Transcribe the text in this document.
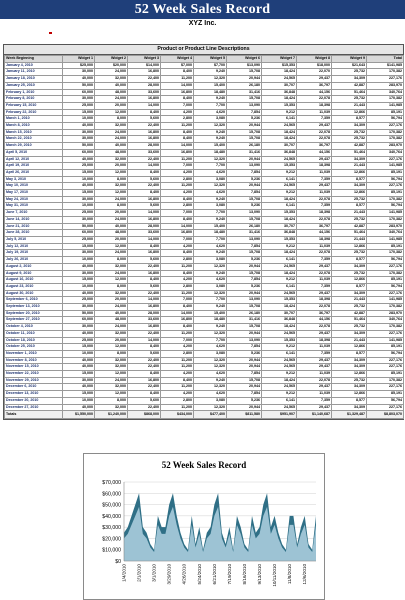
52 Week Sales Record
XYZ Inc.
Product or Product Line Descriptions
Week Beginning	Widget 1	Widget 2	Widget 3	Widget 4	Widget 5	Widget 6	Widget 7	Widget 8	Widget 9	Total
January 4, 2010	$25,000	$20,000	$14,000	$7,000	$7,700	$13,090	$15,353	$18,000	$21,643	$141,985
January 11, 2010	30,000	24,000	16,800	8,400	9,240	15,708	18,424	22,070	25,732	170,382
January 18, 2010	40,000	32,000	22,400	11,200	12,320	20,944	24,565	29,437	34,309	227,176
January 25, 2010	50,000	40,000	28,000	14,000	15,400	26,180	30,707	36,797	42,887	283,970
February 1, 2010	60,000	48,000	33,600	16,800	18,480	31,416	36,848	44,156	51,464	340,764
February 8, 2010	30,000	24,000	16,800	8,400	9,240	15,708	18,424	22,078	25,732	170,382
February 15, 2010	25,000	20,000	14,000	7,000	7,700	13,090	15,353	18,398	21,443	141,985
February 22, 2010	15,000	12,000	8,400	4,200	4,620	7,854	9,212	11,039	12,866	85,191
March 1, 2010	10,000	8,000	5,600	2,800	3,080	5,236	6,141	7,359	8,577	56,794
March 8, 2010	40,000	32,000	22,400	11,200	12,320	20,944	24,565	29,437	34,309	227,176
March 15, 2010	30,000	24,000	16,800	8,400	9,240	15,708	18,424	22,078	25,732	170,382
March 22, 2010	30,000	24,000	16,800	8,400	9,240	15,708	18,424	22,078	25,732	170,382
March 29, 2010	50,000	40,000	28,000	14,000	15,400	26,180	30,707	36,797	42,887	283,970
April 5, 2010	60,000	48,000	33,600	16,800	18,480	31,416	36,848	44,156	51,464	340,764
April 12, 2010	40,000	32,000	22,400	11,200	12,320	20,944	24,565	29,437	34,309	227,176
April 19, 2010	25,000	20,000	14,000	7,000	7,700	13,090	15,353	18,398	21,443	141,985
April 26, 2010	15,000	12,000	8,400	4,200	4,620	7,854	9,212	11,039	12,866	85,191
May 3, 2010	10,000	8,000	5,600	2,800	3,080	5,236	6,141	7,359	8,577	56,794
May 10, 2010	40,000	32,000	22,400	11,200	12,320	20,944	24,565	29,437	34,309	227,176
May 17, 2010	15,000	12,000	8,400	4,200	4,620	7,854	9,212	11,039	12,866	85,191
May 24, 2010	30,000	24,000	16,800	8,400	9,240	15,708	18,424	22,078	25,732	170,382
May 31, 2010	10,000	8,000	5,600	2,800	3,080	5,236	6,141	7,359	8,577	56,794
June 7, 2010	25,000	20,000	14,000	7,000	7,700	13,090	15,353	18,398	21,443	141,985
June 14, 2010	30,000	24,000	16,800	8,400	9,240	15,708	18,424	22,078	25,732	170,382
June 21, 2010	50,000	40,000	28,000	14,000	15,400	26,180	30,707	36,797	42,887	283,970
June 28, 2010	60,000	48,000	33,600	16,800	18,480	31,416	36,848	44,156	51,464	340,764
July 5, 2010	25,000	20,000	14,000	7,000	7,700	13,090	15,353	18,398	21,443	141,985
July 12, 2010	15,000	12,000	8,400	4,200	4,620	7,854	9,212	11,039	12,866	85,191
July 19, 2010	30,000	24,000	16,800	8,400	9,240	15,708	18,424	22,078	25,732	170,382
July 26, 2010	10,000	8,000	5,600	2,800	3,080	5,236	6,141	7,359	8,577	56,794
August 2, 2010	40,000	32,000	22,400	11,200	12,320	20,944	24,565	29,437	34,309	227,176
August 9, 2010	30,000	24,000	16,800	8,400	9,240	15,708	18,424	22,078	25,732	170,382
August 16, 2010	15,000	12,000	8,400	4,200	4,620	7,854	9,212	11,039	12,866	85,191
August 23, 2010	10,000	8,000	5,600	2,800	3,080	5,236	6,141	7,359	8,577	56,794
August 30, 2010	40,000	32,000	22,400	11,200	12,320	20,944	24,565	29,437	34,309	227,176
September 6, 2010	25,000	20,000	14,000	7,000	7,700	13,090	15,353	18,398	21,443	141,985
September 13, 2010	30,000	24,000	16,800	8,400	9,240	15,708	18,424	22,078	25,732	170,382
September 20, 2010	50,000	40,000	28,000	14,000	15,400	26,180	30,707	36,797	42,887	283,970
September 27, 2010	60,000	48,000	33,600	16,800	18,480	31,416	36,848	44,156	51,464	340,764
October 4, 2010	30,000	24,000	16,800	8,400	9,240	15,708	18,424	22,078	25,732	170,382
October 11, 2010	40,000	32,000	22,400	11,200	12,320	20,944	24,565	29,437	34,309	227,176
October 18, 2010	25,000	20,000	14,000	7,000	7,700	13,090	15,353	18,398	21,443	141,985
October 25, 2010	15,000	12,000	8,400	4,200	4,620	7,854	9,212	11,039	12,866	85,191
November 1, 2010	10,000	8,000	5,600	2,800	3,080	5,236	6,141	7,359	8,577	56,794
November 8, 2010	40,000	32,000	22,400	11,200	12,320	20,944	24,565	29,437	34,309	227,176
November 15, 2010	40,000	32,000	22,400	11,200	12,320	20,944	24,565	29,437	34,309	227,176
November 22, 2010	15,000	12,000	8,400	4,200	4,620	7,854	9,212	11,039	12,866	85,191
November 29, 2010	30,000	24,000	16,800	8,400	9,240	15,708	18,424	22,078	25,732	170,382
December 6, 2010	40,000	32,000	22,400	11,200	12,320	20,944	24,565	29,437	34,309	227,176
December 13, 2010	15,000	12,000	8,400	4,200	4,620	7,854	9,212	11,039	12,866	85,191
December 20, 2010	10,000	8,000	5,600	2,800	3,080	5,236	6,141	7,359	8,577	56,794
December 27, 2010	40,000	32,000	22,400	11,200	12,320	20,944	24,565	29,437	34,309	227,176
Totals	$1,550,000	$1,240,000	$868,000	$434,000	$477,400	$811,580	$951,907	$1,140,687	$1,329,487	$8,803,070
52 Week Sales Record
$70,000
$60,000
$50,000
$40,000
$30,000
$20,000
$10,000
$0
1/4/2010 2/1/2010 3/1/2010 3/29/2010 4/26/2010 5/24/2010 6/21/2010 7/19/2010 8/16/2010 9/13/2010 10/11/2010 11/8/2010 12/6/2010
